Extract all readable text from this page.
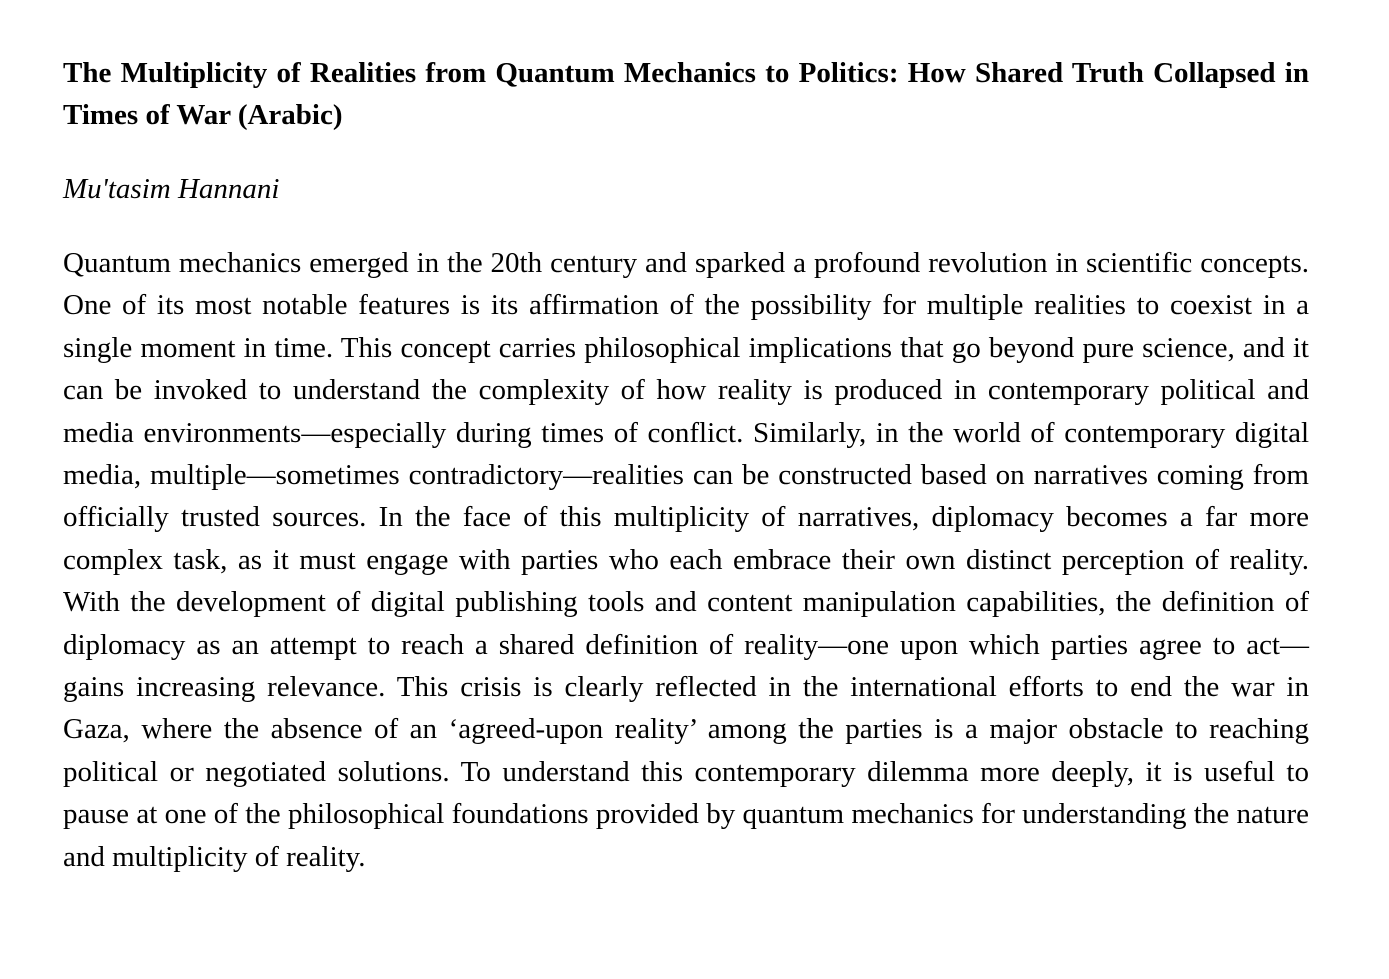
The Multiplicity of Realities from Quantum Mechanics to Politics: How Shared Truth Collapsed in Times of War (Arabic)

Mu'tasim Hannani

Quantum mechanics emerged in the 20th century and sparked a profound revolution in scientific concepts. One of its most notable features is its affirmation of the possibility for multiple realities to coexist in a single moment in time. This concept carries philosophical implications that go beyond pure science, and it can be invoked to understand the complexity of how reality is produced in contemporary political and media environments—especially during times of conflict. Similarly, in the world of contemporary digital media, multiple—sometimes contradictory—realities can be constructed based on narratives coming from officially trusted sources. In the face of this multiplicity of narratives, diplomacy becomes a far more complex task, as it must engage with parties who each embrace their own distinct perception of reality. With the development of digital publishing tools and content manipulation capabilities, the definition of diplomacy as an attempt to reach a shared definition of reality—one upon which parties agree to act—gains increasing relevance. This crisis is clearly reflected in the international efforts to end the war in Gaza, where the absence of an ‘agreed-upon reality’ among the parties is a major obstacle to reaching political or negotiated solutions. To understand this contemporary dilemma more deeply, it is useful to pause at one of the philosophical foundations provided by quantum mechanics for understanding the nature and multiplicity of reality.
